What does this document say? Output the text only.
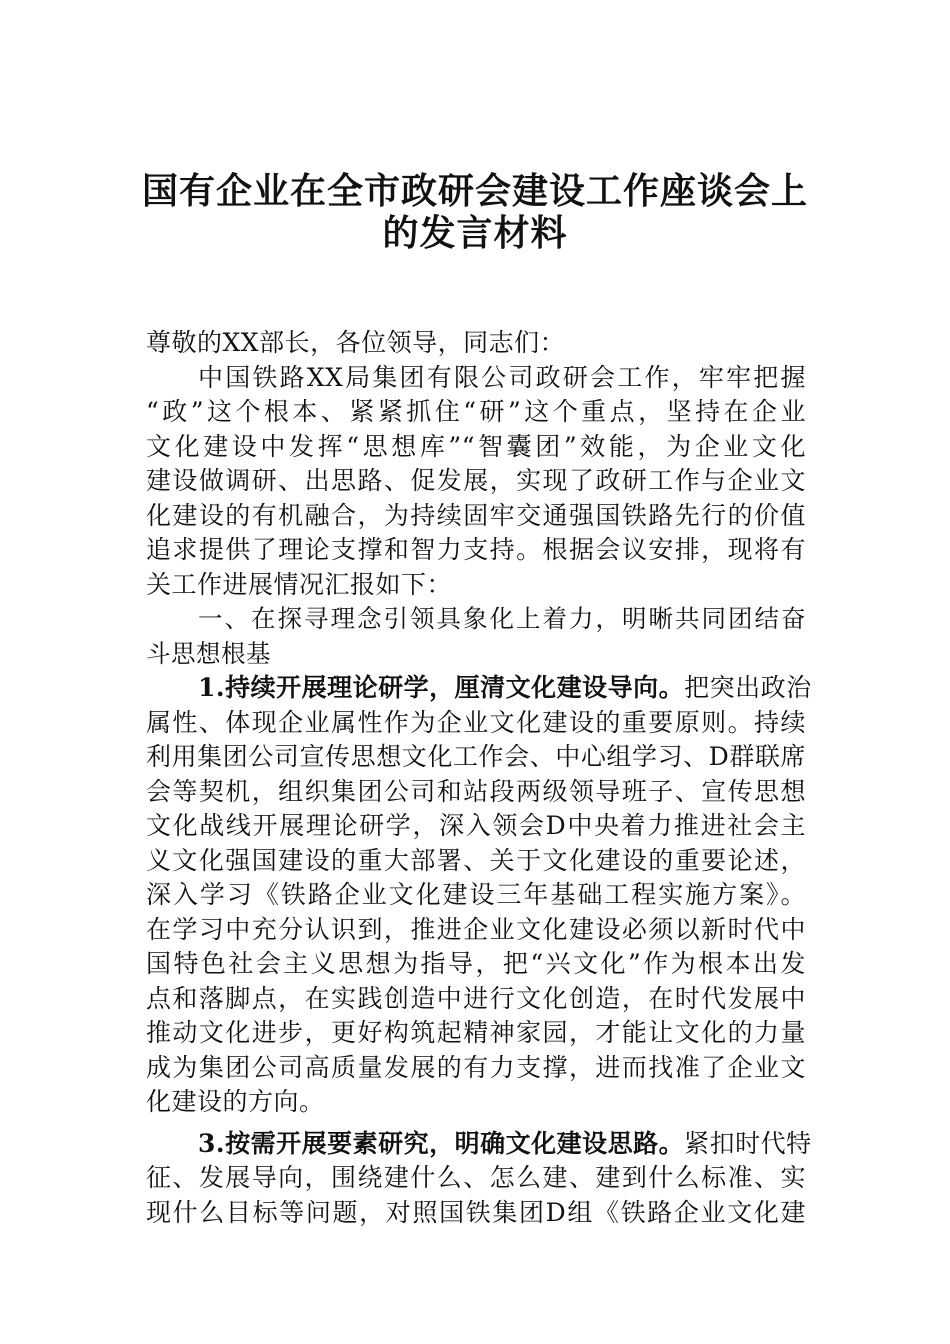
国有企业在全市政研会建设工作座谈会上
的发言材料
尊敬的XX部长，各位领导，同志们：
中国铁路XX局集团有限公司政研会工作，牢牢把握
“政”这个根本、紧紧抓住“研”这个重点，坚持在企业
文化建设中发挥“思想库”“智囊团”效能，为企业文化
建设做调研、出思路、促发展，实现了政研工作与企业文
化建设的有机融合，为持续固牢交通强国铁路先行的价值
追求提供了理论支撑和智力支持。根据会议安排，现将有
关工作进展情况汇报如下：
一、在探寻理念引领具象化上着力，明晰共同团结奋
斗思想根基
1.持续开展理论研学，厘清文化建设导向。把突出政治
属性、体现企业属性作为企业文化建设的重要原则。持续
利用集团公司宣传思想文化工作会、中心组学习、D群联席
会等契机，组织集团公司和站段两级领导班子、宣传思想
文化战线开展理论研学，深入领会D中央着力推进社会主
义文化强国建设的重大部署、关于文化建设的重要论述，
深入学习《铁路企业文化建设三年基础工程实施方案》。
在学习中充分认识到，推进企业文化建设必须以新时代中
国特色社会主义思想为指导，把“兴文化”作为根本出发
点和落脚点，在实践创造中进行文化创造，在时代发展中
推动文化进步，更好构筑起精神家园，才能让文化的力量
成为集团公司高质量发展的有力支撑，进而找准了企业文
化建设的方向。
3.按需开展要素研究，明确文化建设思路。紧扣时代特
征、发展导向，围绕建什么、怎么建、建到什么标准、实
现什么目标等问题，对照国铁集团D组《铁路企业文化建
